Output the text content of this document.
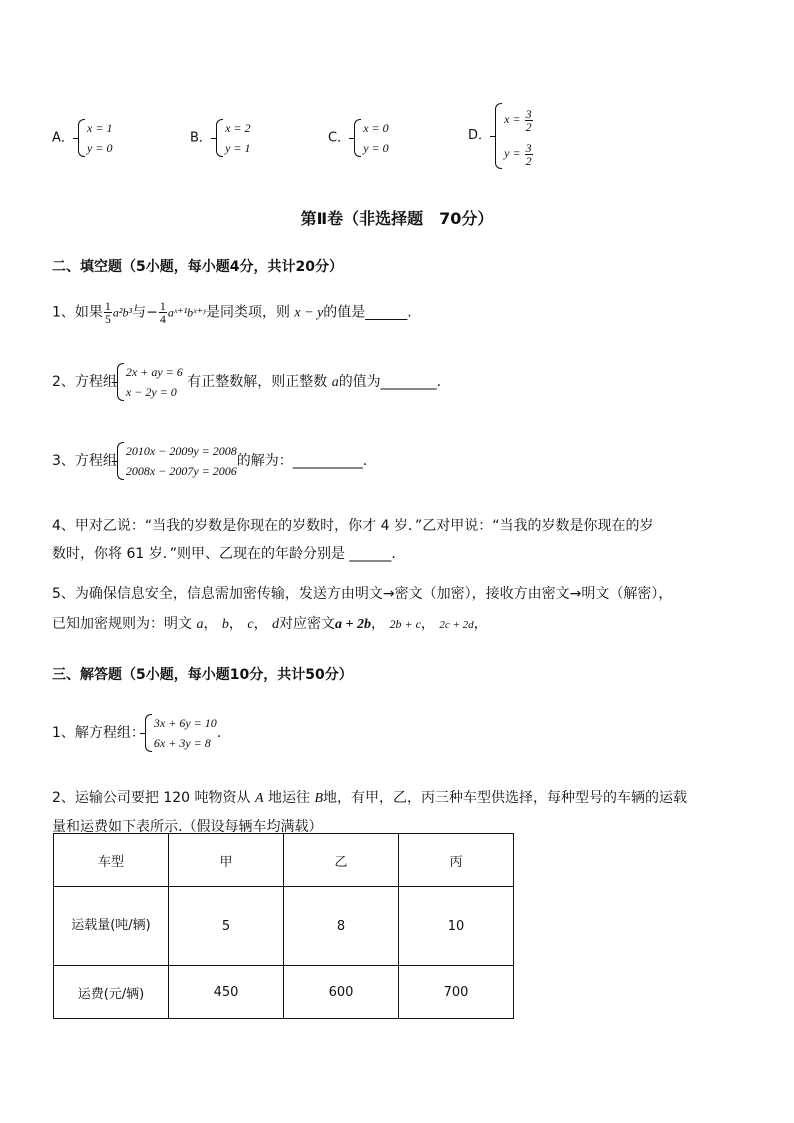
A．
x = 1
y = 0
B．
x = 2
y = 1
C．
x = 0
y = 0
D．
$x = \frac{3}{2}$
$y = \frac{3}{2}$
第Ⅱ卷（非选择题　70分）
二、填空题（5小题，每小题4分，共计20分）
1、如果 $\frac{1}{5} a^2b^3$与− $\frac{1}{4}$ aˣ⁺¹bˣ⁺ʸ是同类项，则 x − y的值是______.
2、方程组
2x + ay = 6
x − 2y = 0
有正整数解，则正整数 a的值为________.
3、方程组
2010x − 2009y = 2008
2008x − 2007y = 2006
的解为：__________.
4、甲对乙说：“当我的岁数是你现在的岁数时，你才 4 岁．”乙对甲说：“当我的岁数是你现在的岁
数时，你将 61 岁．”则甲、乙现在的年龄分别是 ______.
5、为确保信息安全，信息需加密传输，发送方由明文→密文（加密），接收方由密文→明文（解密），
已知加密规则为：明文 a， b， c， d对应密文a + 2b， 2b + c， 2c + 2d，
三、解答题（5小题，每小题10分，共计50分）
1、解方程组：
3x + 6y = 10
6x + 3y = 8
.
2、运输公司要把 120 吨物资从 A 地运往 B地，有甲，乙，丙三种车型供选择，每种型号的车辆的运载
量和运费如下表所示.（假设每辆车均满载）
车型	甲	乙	丙
运载量(吨/辆)	5	8	10
运费(元/辆)	450	600	700
